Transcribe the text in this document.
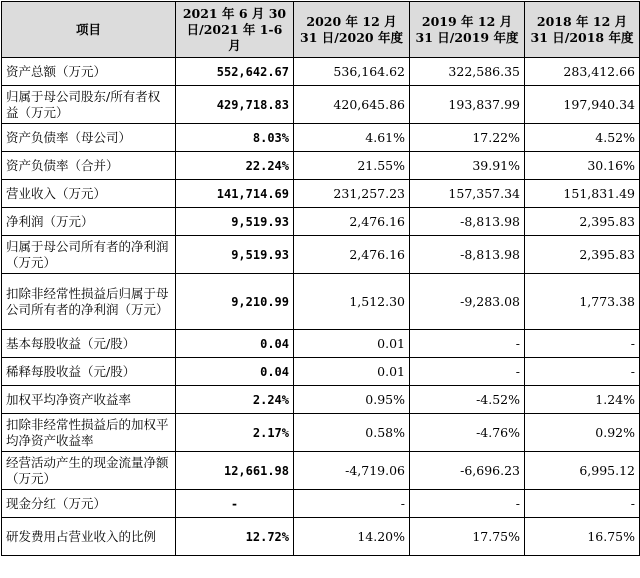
项目	2021 年 6 月 30 日/2021 年 1-6 月	2020 年 12 月 31 日/2020 年度	2019 年 12 月 31 日/2019 年度	2018 年 12 月 31 日/2018 年度
资产总额（万元）	552,642.67	536,164.62	322,586.35	283,412.66
归属于母公司股东/所有者权益（万元）	429,718.83	420,645.86	193,837.99	197,940.34
资产负债率（母公司）	8.03%	4.61%	17.22%	4.52%
资产负债率（合并）	22.24%	21.55%	39.91%	30.16%
营业收入（万元）	141,714.69	231,257.23	157,357.34	151,831.49
净利润（万元）	9,519.93	2,476.16	-8,813.98	2,395.83
归属于母公司所有者的净利润（万元）	9,519.93	2,476.16	-8,813.98	2,395.83
扣除非经常性损益后归属于母公司所有者的净利润（万元）	9,210.99	1,512.30	-9,283.08	1,773.38
基本每股收益（元/股）	0.04	0.01	-	-
稀释每股收益（元/股）	0.04	0.01	-	-
加权平均净资产收益率	2.24%	0.95%	-4.52%	1.24%
扣除非经常性损益后的加权平均净资产收益率	2.17%	0.58%	-4.76%	0.92%
经营活动产生的现金流量净额（万元）	12,661.98	-4,719.06	-6,696.23	6,995.12
现金分红（万元）	-	-	-	-
研发费用占营业收入的比例	12.72%	14.20%	17.75%	16.75%
